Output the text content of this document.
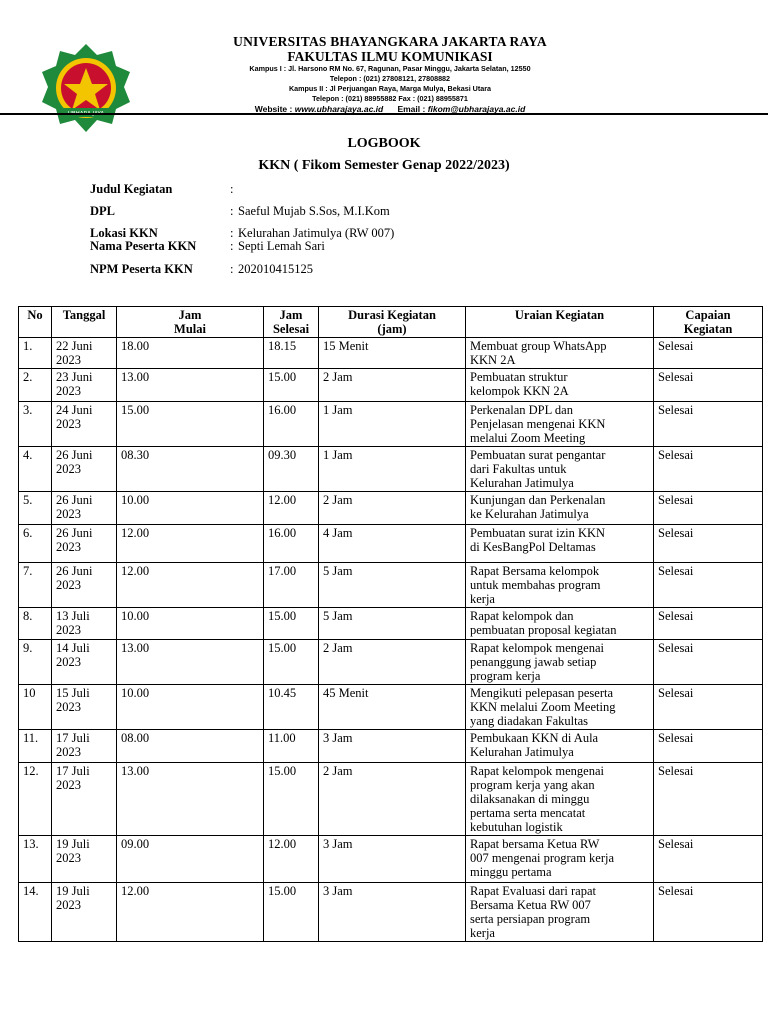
UBHARA JAYA
UNIVERSITAS BHAYANGKARA JAKARTA RAYA
FAKULTAS ILMU KOMUNIKASI
Kampus I : Jl. Harsono RM No. 67, Ragunan, Pasar Minggu, Jakarta Selatan, 12550
Telepon : (021) 27808121, 27808882
Kampus II : Jl Perjuangan Raya, Marga Mulya, Bekasi Utara
Telepon : (021) 88955882 Fax : (021) 88955871
Website : www.ubharajaya.ac.id Email : fikom@ubharajaya.ac.id
LOGBOOK
KKN ( Fikom Semester Genap 2022/2023)
Judul Kegiatan	:
DPL	: Saeful Mujab S.Sos, M.I.Kom
Lokasi KKN	: Kelurahan Jatimulya (RW 007)
Nama Peserta KKN	: Septi Lemah Sari
NPM Peserta KKN	: 202010415125
No	Tanggal	Jam
Mulai	Jam
Selesai	Durasi Kegiatan
(jam)	Uraian Kegiatan	Capaian
Kegiatan
1.	22 Juni
2023	18.00	18.15	15 Menit	Membuat group WhatsApp
KKN 2A	Selesai
2.	23 Juni
2023	13.00	15.00	2 Jam	Pembuatan struktur
kelompok KKN 2A	Selesai
3.	24 Juni
2023	15.00	16.00	1 Jam	Perkenalan DPL dan
Penjelasan mengenai KKN
melalui Zoom Meeting	Selesai
4.	26 Juni
2023	08.30	09.30	1 Jam	Pembuatan surat pengantar
dari Fakultas untuk
Kelurahan Jatimulya	Selesai
5.	26 Juni
2023	10.00	12.00	2 Jam	Kunjungan dan Perkenalan
ke Kelurahan Jatimulya	Selesai
6.	26 Juni
2023	12.00	16.00	4 Jam	Pembuatan surat izin KKN
di KesBangPol Deltamas	Selesai
7.	26 Juni
2023	12.00	17.00	5 Jam	Rapat Bersama kelompok
untuk membahas program
kerja	Selesai
8.	13 Juli
2023	10.00	15.00	5 Jam	Rapat kelompok dan
pembuatan proposal kegiatan	Selesai
9.	14 Juli
2023	13.00	15.00	2 Jam	Rapat kelompok mengenai
penanggung jawab setiap
program kerja	Selesai
10	15 Juli
2023	10.00	10.45	45 Menit	Mengikuti pelepasan peserta
KKN melalui Zoom Meeting
yang diadakan Fakultas	Selesai
11.	17 Juli
2023	08.00	11.00	3 Jam	Pembukaan KKN di Aula
Kelurahan Jatimulya	Selesai
12.	17 Juli
2023	13.00	15.00	2 Jam	Rapat kelompok mengenai
program kerja yang akan
dilaksanakan di minggu
pertama serta mencatat
kebutuhan logistik	Selesai
13.	19 Juli
2023	09.00	12.00	3 Jam	Rapat bersama Ketua RW
007 mengenai program kerja
minggu pertama	Selesai
14.	19 Juli
2023	12.00	15.00	3 Jam	Rapat Evaluasi dari rapat
Bersama Ketua RW 007
serta persiapan program
kerja	Selesai
